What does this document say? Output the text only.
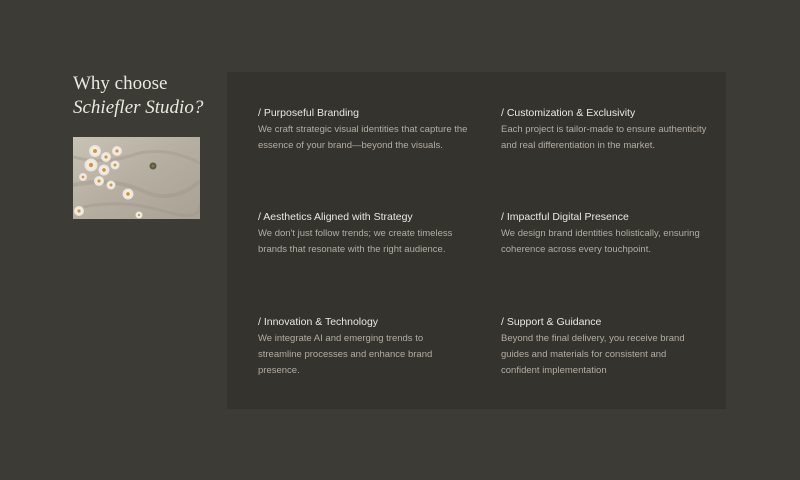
Why choose
Schiefler Studio?	/ Purposeful Branding

We craft strategic visual identities that capture the essence of your brand—beyond the visuals.

/ Customization & Exclusivity

Each project is tailor-made to ensure authenticity and real differentiation in the market.

/ Aesthetics Aligned with Strategy

We don't just follow trends; we create timeless brands that resonate with the right audience.

/ Impactful Digital Presence

We design brand identities holistically, ensuring coherence across every touchpoint.

/ Innovation & Technology

We integrate AI and emerging trends to streamline processes and enhance brand presence.

/ Support & Guidance

Beyond the final delivery, you receive brand guides and materials for consistent and confident implementation
